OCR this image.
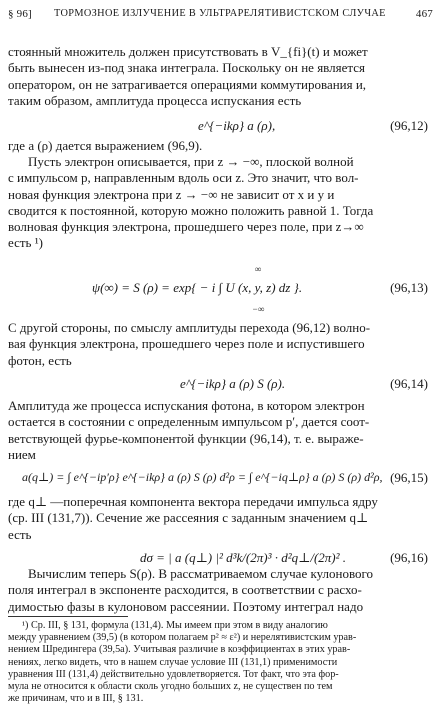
§ 96] ТОРМОЗНОЕ ИЗЛУЧЕНИЕ В УЛЬТРАРЕЛЯТИВИСТСКОМ СЛУЧАЕ	467
стоянный множитель должен присутствовать в V_{fi}(t) и может
быть вынесен из-под знака интеграла. Поскольку он не является
оператором, он не затрагивается операциями коммутирования и,
таким образом, амплитуда процесса испускания есть
e^{−ikρ} a (ρ),	(96,12)
где a (ρ) дается выражением (96,9).
Пусть электрон описывается, при z → −∞, плоской волной
с импульсом p, направленным вдоль оси z. Это значит, что вол-
новая функция электрона при z → −∞ не зависит от x и y и
сводится к постоянной, которую можно положить равной 1. Тогда
волновая функция электрона, прошедшего через поле, при z→∞
есть ¹)
∞
ψ(∞) = S (ρ) = exp{ − i ∫ U (x, y, z) dz }.
−∞
(96,13)
С другой стороны, по смыслу амплитуды перехода (96,12) волно-
вая функция электрона, прошедшего через поле и испустившего
фотон, есть
e^{−ikρ} a (ρ) S (ρ).	(96,14)
Амплитуда же процесса испускания фотона, в котором электрон
остается в состоянии с определенным импульсом p′, дается соот-
ветствующей фурье-компонентой функции (96,14), т. е. выраже-
нием
a(q⊥) = ∫ e^{−ip′ρ} e^{−ikρ} a (ρ) S (ρ) d²ρ = ∫ e^{−iq⊥ρ} a (ρ) S (ρ) d²ρ, (96,15)
где q⊥ —поперечная компонента вектора передачи импульса ядру
(ср. III (131,7)). Сечение же рассеяния с заданным значением q⊥
есть
dσ = | a (q⊥) |² d³k/(2π)³ · d²q⊥/(2π)² .	(96,16)
Вычислим теперь S(ρ). В рассматриваемом случае кулонового
поля интеграл в экспоненте расходится, в соответствии с расхо-
димостью фазы в кулоновом рассеянии. Поэтому интеграл надо
¹) Ср. III, § 131, формула (131,4). Мы имеем при этом в виду аналогию
между уравнением (39,5) (в котором полагаем p² ≈ ε²) и нерелятивистским урав-
нением Шредингера (39,5а). Учитывая различие в коэффициентах в этих урав-
нениях, легко видеть, что в нашем случае условие III (131,1) применимости
уравнения III (131,4) действительно удовлетворяется. Тот факт, что эта фор-
мула не относится к области сколь угодно больших z, не существен по тем
же причинам, что и в III, § 131.
